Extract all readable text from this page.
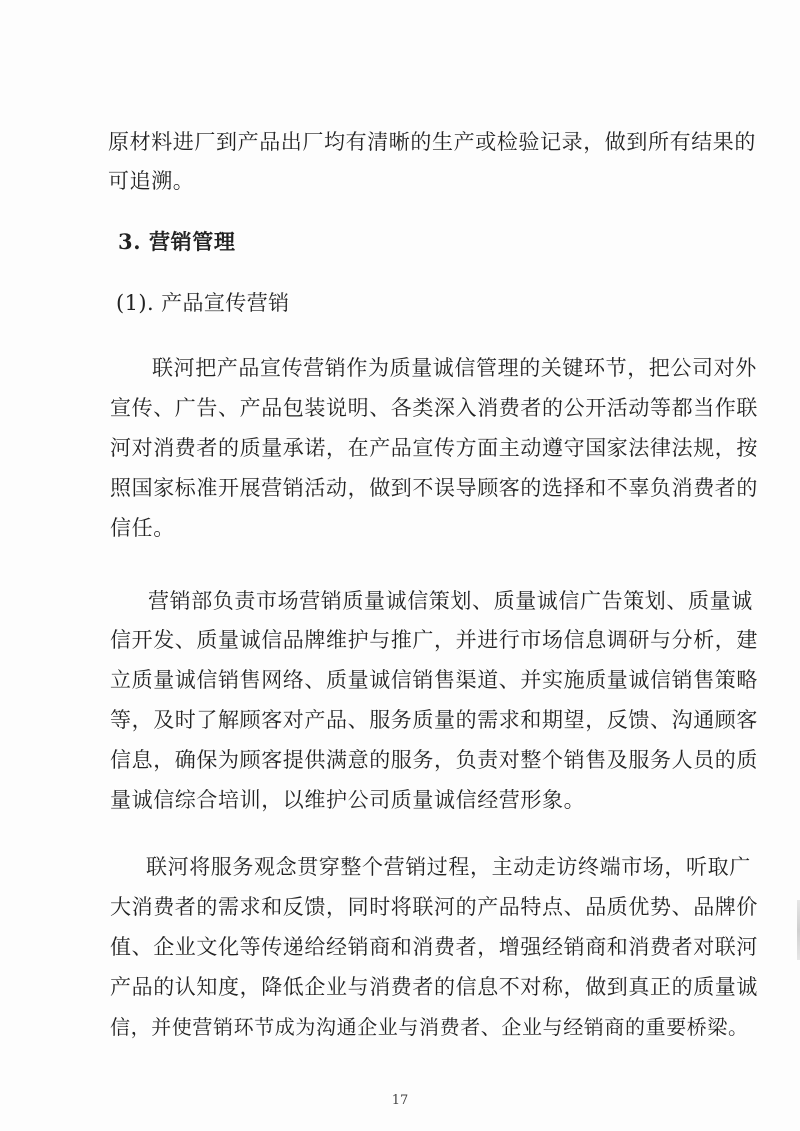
原材料进厂到产品出厂均有清晰的生产或检验记录，做到所有结果的
可追溯。
3. 营销管理
(1). 产品宣传营销
联河把产品宣传营销作为质量诚信管理的关键环节，把公司对外
宣传、广告、产品包装说明、各类深入消费者的公开活动等都当作联
河对消费者的质量承诺，在产品宣传方面主动遵守国家法律法规，按
照国家标准开展营销活动，做到不误导顾客的选择和不辜负消费者的
信任。
营销部负责市场营销质量诚信策划、质量诚信广告策划、质量诚
信开发、质量诚信品牌维护与推广，并进行市场信息调研与分析，建
立质量诚信销售网络、质量诚信销售渠道、并实施质量诚信销售策略
等，及时了解顾客对产品、服务质量的需求和期望，反馈、沟通顾客
信息，确保为顾客提供满意的服务，负责对整个销售及服务人员的质
量诚信综合培训，以维护公司质量诚信经营形象。
联河将服务观念贯穿整个营销过程，主动走访终端市场，听取广
大消费者的需求和反馈，同时将联河的产品特点、品质优势、品牌价
值、企业文化等传递给经销商和消费者，增强经销商和消费者对联河
产品的认知度，降低企业与消费者的信息不对称，做到真正的质量诚
信，并使营销环节成为沟通企业与消费者、企业与经销商的重要桥梁。
17
